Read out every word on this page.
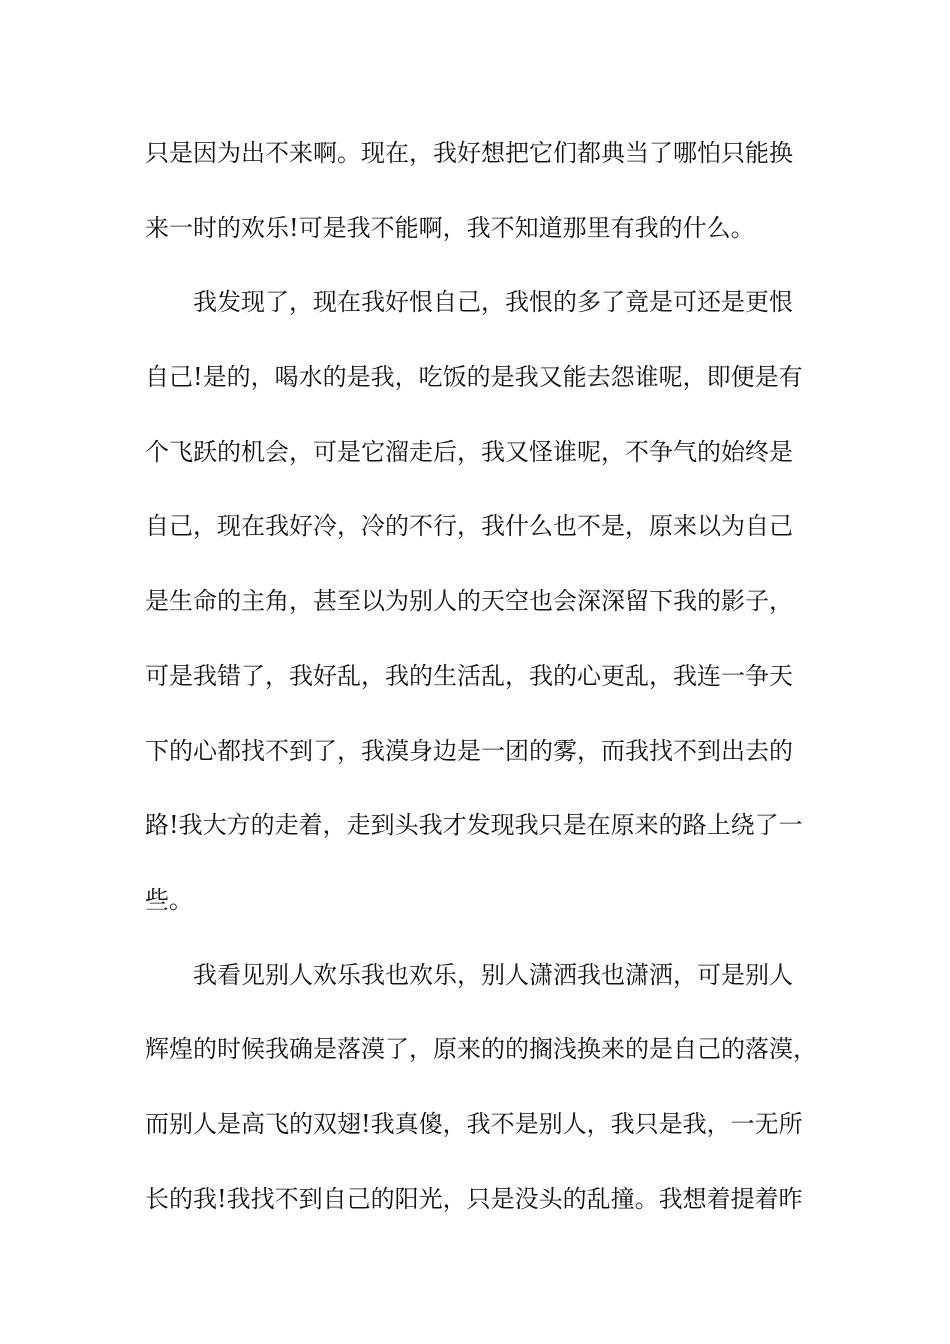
只是因为出不来啊。现在，我好想把它们都典当了哪怕只能换
来一时的欢乐!可是我不能啊，我不知道那里有我的什么。
我发现了，现在我好恨自己，我恨的多了竟是可还是更恨
自己!是的，喝水的是我，吃饭的是我又能去怨谁呢，即便是有
个飞跃的机会，可是它溜走后，我又怪谁呢，不争气的始终是
自己，现在我好冷，冷的不行，我什么也不是，原来以为自己
是生命的主角，甚至以为别人的天空也会深深留下我的影子，
可是我错了，我好乱，我的生活乱，我的心更乱，我连一争天
下的心都找不到了，我漠身边是一团的雾，而我找不到出去的
路!我大方的走着，走到头我才发现我只是在原来的路上绕了一
些。
我看见别人欢乐我也欢乐，别人潇洒我也潇洒，可是别人
辉煌的时候我确是落漠了，原来的的搁浅换来的是自己的落漠，
而别人是高飞的双翅!我真傻，我不是别人，我只是我，一无所
长的我!我找不到自己的阳光，只是没头的乱撞。我想着提着昨
